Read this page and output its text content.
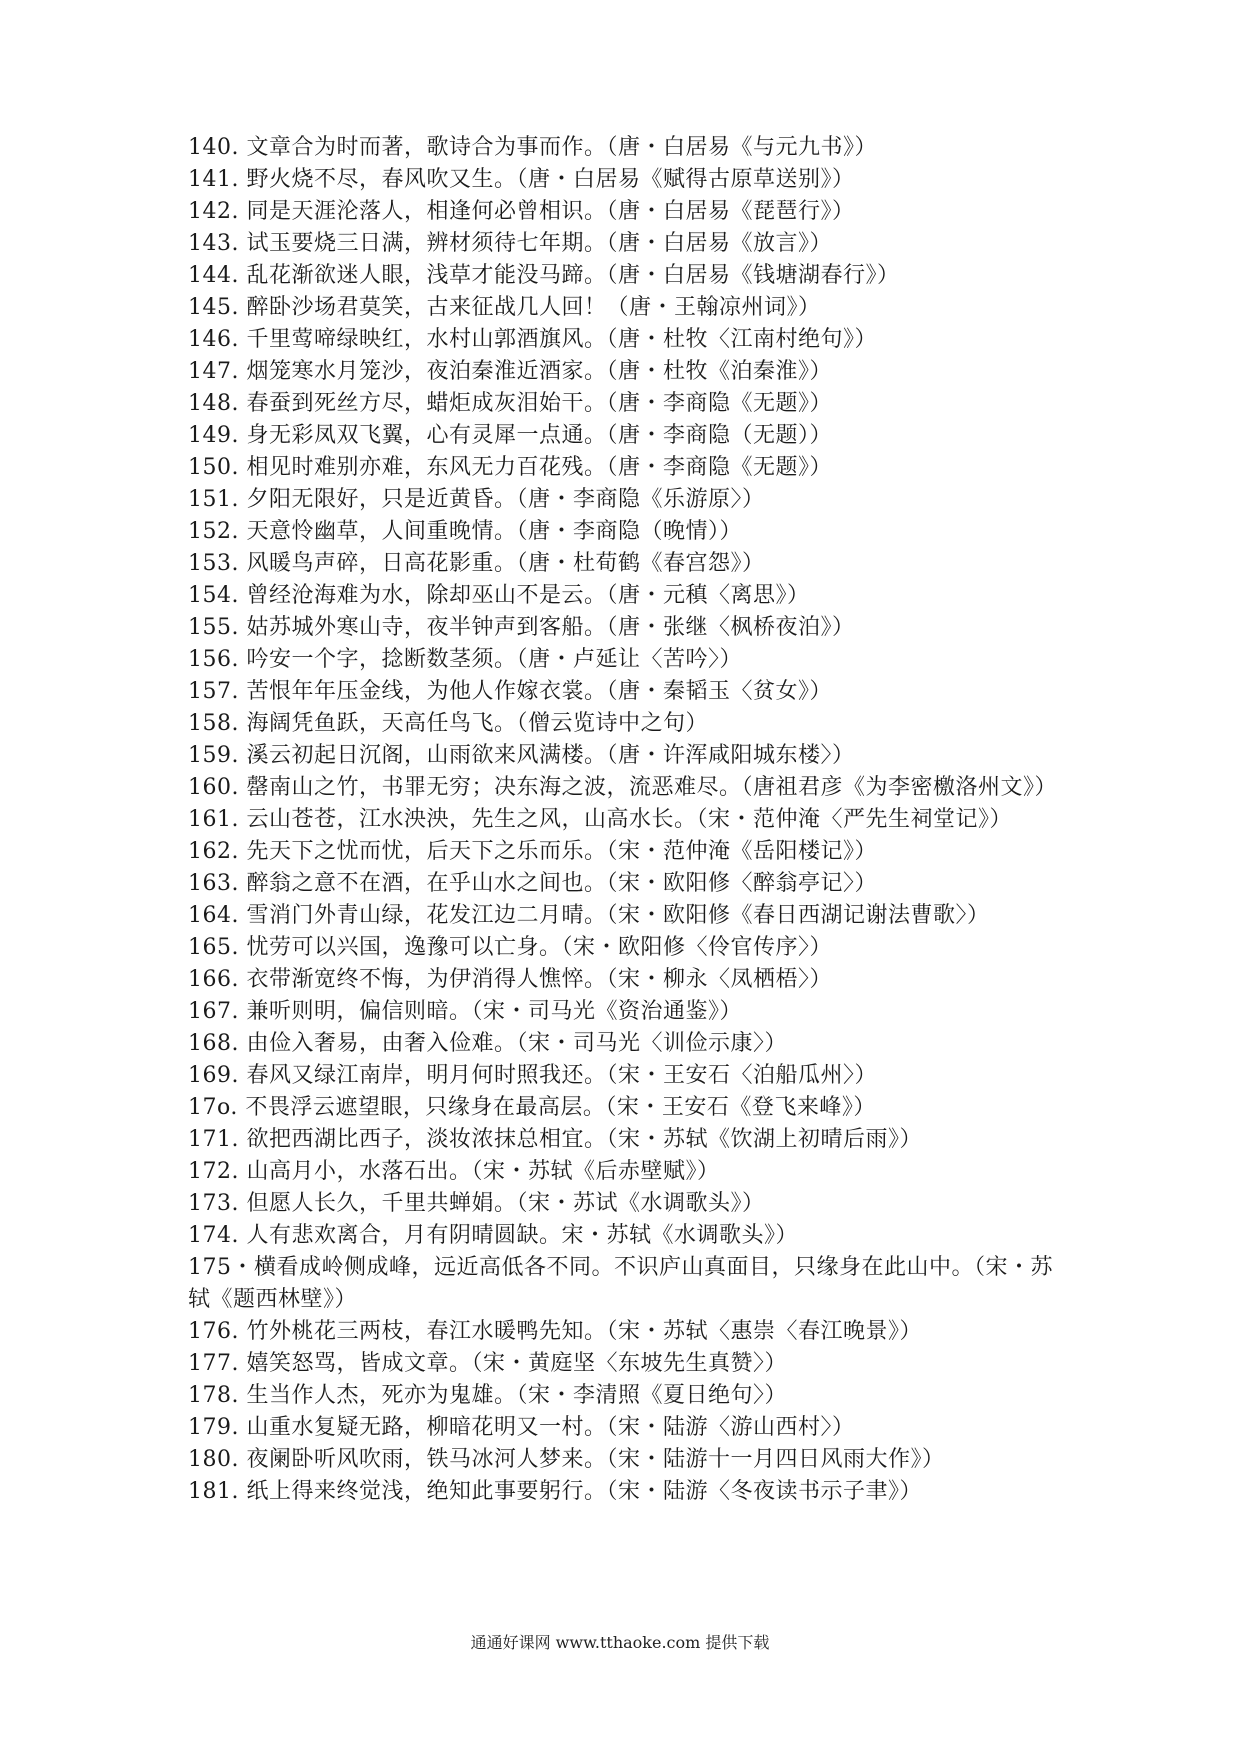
140. 文章合为时而著，歌诗合为事而作。（唐・白居易《与元九书》）

141. 野火烧不尽，春风吹又生。（唐・白居易《赋得古原草送别》）

142. 同是天涯沦落人，相逢何必曾相识。（唐・白居易《琵琶行》）

143. 试玉要烧三日满，辨材须待七年期。（唐・白居易《放言》）

144. 乱花渐欲迷人眼，浅草才能没马蹄。（唐・白居易《钱塘湖春行》）

145. 醉卧沙场君莫笑，古来征战几人回！（唐・王翰凉州词》）

146. 千里莺啼绿映红，水村山郭酒旗风。（唐・杜牧〈江南村绝句》）

147. 烟笼寒水月笼沙，夜泊秦淮近酒家。（唐・杜牧《泊秦淮》）

148. 春蚕到死丝方尽，蜡炬成灰泪始干。（唐・李商隐《无题》）

149. 身无彩凤双飞翼，心有灵犀一点通。（唐・李商隐（无题））

150. 相见时难别亦难，东风无力百花残。（唐・李商隐《无题》）

151. 夕阳无限好，只是近黄昏。（唐・李商隐《乐游原〉）

152. 天意怜幽草，人间重晚情。（唐・李商隐（晚情））

153. 风暖鸟声碎，日高花影重。（唐・杜荀鹤《春宫怨》）

154. 曾经沧海难为水，除却巫山不是云。（唐・元稹〈离思》）

155. 姑苏城外寒山寺，夜半钟声到客船。（唐・张继〈枫桥夜泊》）

156. 吟安一个字，捻断数茎须。（唐・卢延让〈苦吟〉）

157. 苦恨年年压金线，为他人作嫁衣裳。（唐・秦韬玉〈贫女》）

158. 海阔凭鱼跃，天高任鸟飞。（僧云览诗中之句）

159. 溪云初起日沉阁，山雨欲来风满楼。（唐・许浑咸阳城东楼〉）

160. 罄南山之竹，书罪无穷；决东海之波，流恶难尽。（唐祖君彦《为李密檄洛州文》）

161. 云山苍苍，江水泱泱，先生之风，山高水长。（宋・范仲淹〈严先生祠堂记》）

162. 先天下之忧而忧，后天下之乐而乐。（宋・范仲淹《岳阳楼记》）

163. 醉翁之意不在酒，在乎山水之间也。（宋・欧阳修〈醉翁亭记〉）

164. 雪消门外青山绿，花发江边二月晴。（宋・欧阳修《春日西湖记谢法曹歌〉）

165. 忧劳可以兴国，逸豫可以亡身。（宋・欧阳修〈伶官传序〉）

166. 衣带渐宽终不悔，为伊消得人憔悴。（宋・柳永〈凤栖梧〉）

167. 兼听则明，偏信则暗。（宋・司马光《资治通鉴》）

168. 由俭入奢易，由奢入俭难。（宋・司马光〈训俭示康〉）

169. 春风又绿江南岸，明月何时照我还。（宋・王安石〈泊船瓜州〉）

17o. 不畏浮云遮望眼，只缘身在最高层。（宋・王安石《登飞来峰》）

171. 欲把西湖比西子，淡妆浓抹总相宜。（宋・苏轼《饮湖上初晴后雨》）

172. 山高月小，水落石出。（宋・苏轼《后赤壁赋》）

173. 但愿人长久，千里共蝉娟。（宋・苏试《水调歌头》）

174. 人有悲欢离合，月有阴晴圆缺。宋・苏轼《水调歌头》）

175・横看成岭侧成峰，远近高低各不同。不识庐山真面目，只缘身在此山中。（宋・苏轼《题西林壁》）

176. 竹外桃花三两枝，春江水暖鸭先知。（宋・苏轼〈惠崇〈春江晚景》）

177. 嬉笑怒骂，皆成文章。（宋・黄庭坚〈东坡先生真赞〉）

178. 生当作人杰，死亦为鬼雄。（宋・李清照《夏日绝句〉）

179. 山重水复疑无路，柳暗花明又一村。（宋・陆游〈游山西村〉）

180. 夜阑卧听风吹雨，铁马冰河人梦来。（宋・陆游十一月四日风雨大作》）

181. 纸上得来终觉浅，绝知此事要躬行。（宋・陆游〈冬夜读书示子聿》）

通通好课网 www.tthaoke.com 提供下载
